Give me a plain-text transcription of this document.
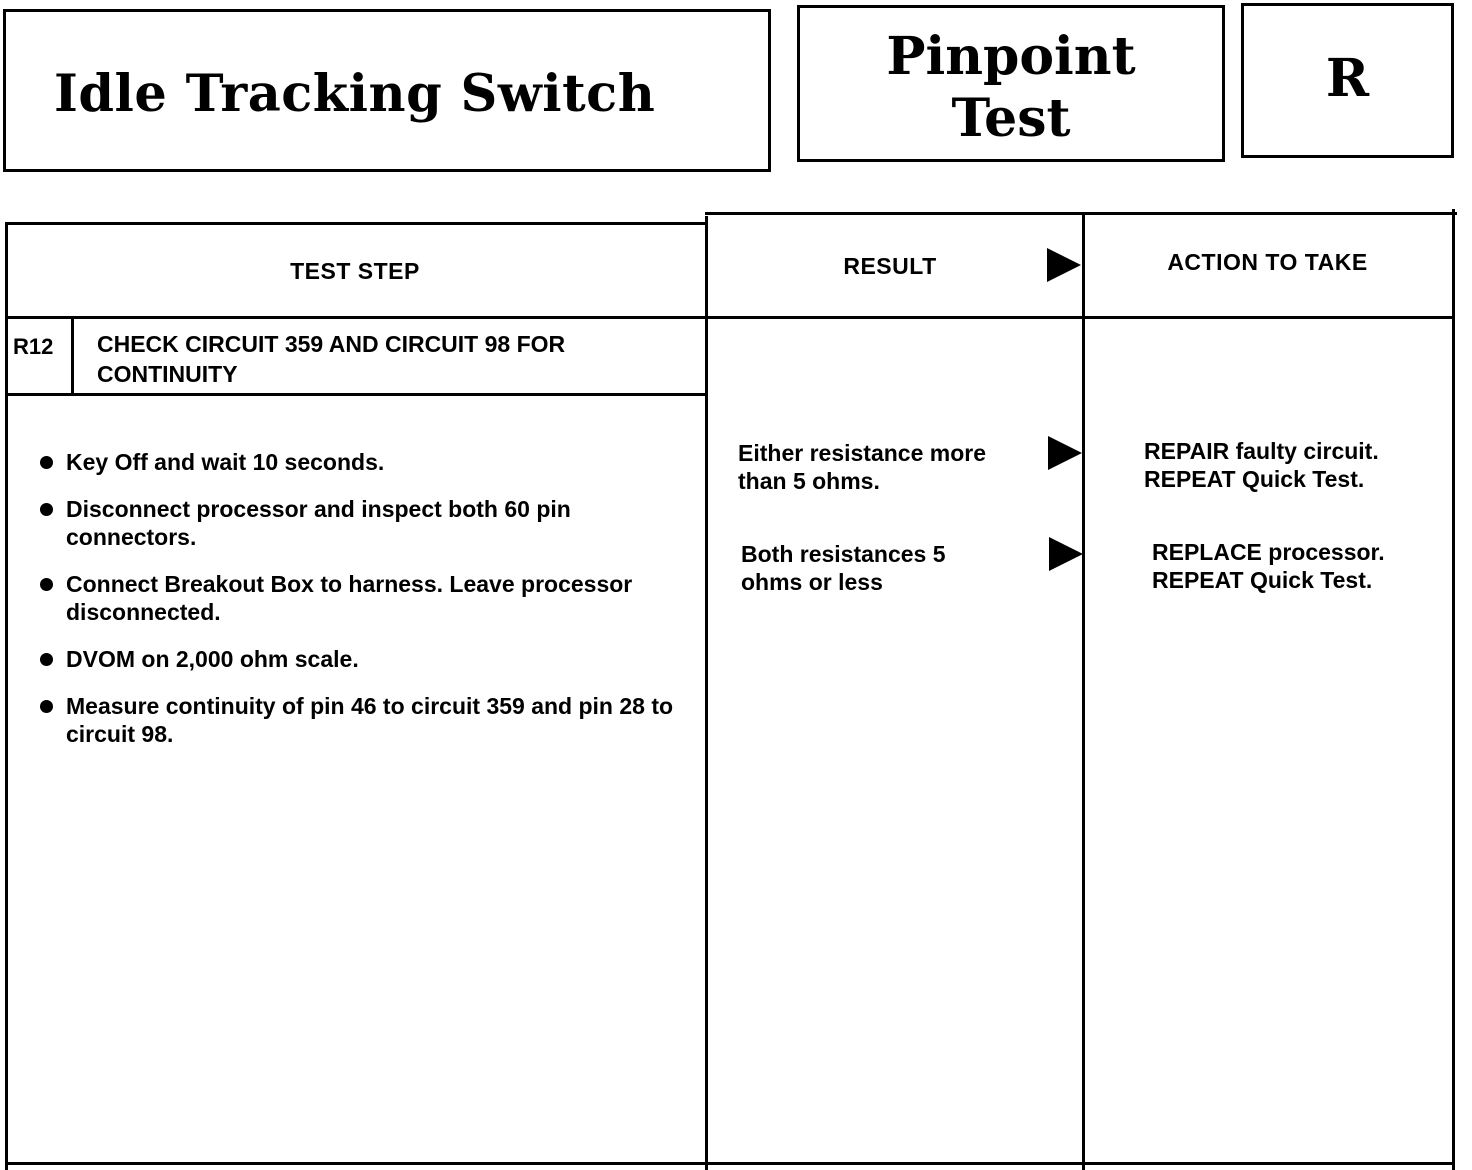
Idle Tracking Switch
Pinpoint
Test
R
TEST STEP	RESULT	ACTION TO TAKE
R12 CHECK CIRCUIT 359 AND CIRCUIT 98 FOR CONTINUITY
Key Off and wait 10 seconds.
Disconnect processor and inspect both 60 pin connectors.
Connect Breakout Box to harness. Leave processor disconnected.
DVOM on 2,000 ohm scale.
Measure continuity of pin 46 to circuit 359 and pin 28 to circuit 98.
Either resistance more
than 5 ohms.
REPAIR faulty circuit.
REPEAT Quick Test.
Both resistances 5
ohms or less
REPLACE processor.
REPEAT Quick Test.
